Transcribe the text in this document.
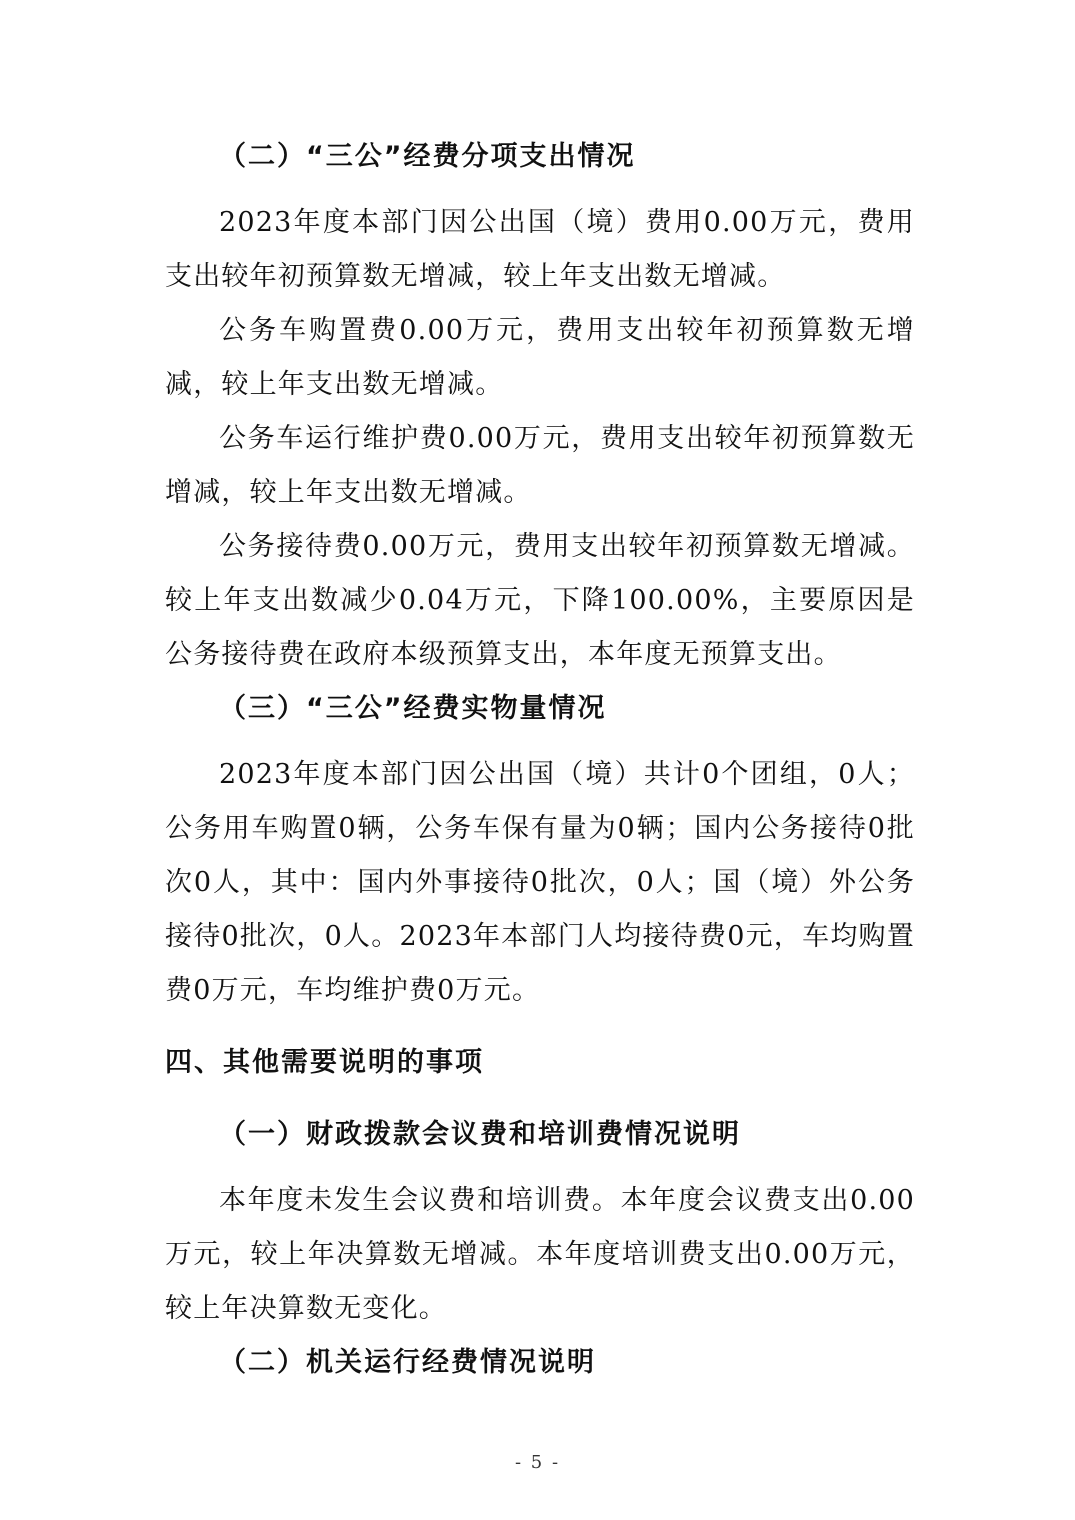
（二）“三公”经费分项支出情况

2023年度本部门因公出国（境）费用0.00万元，费用支出较年初预算数无增减，较上年支出数无增减。

公务车购置费0.00万元，费用支出较年初预算数无增减，较上年支出数无增减。

公务车运行维护费0.00万元，费用支出较年初预算数无增减，较上年支出数无增减。

公务接待费0.00万元，费用支出较年初预算数无增减。较上年支出数减少0.04万元，下降100.00%，主要原因是公务接待费在政府本级预算支出，本年度无预算支出。

（三）“三公”经费实物量情况

2023年度本部门因公出国（境）共计0个团组，0人；公务用车购置0辆，公务车保有量为0辆；国内公务接待0批次0人，其中：国内外事接待0批次，0人；国（境）外公务接待0批次，0人。2023年本部门人均接待费0元，车均购置费0万元，车均维护费0万元。

四、其他需要说明的事项
（一）财政拨款会议费和培训费情况说明

本年度未发生会议费和培训费。本年度会议费支出0.00万元，较上年决算数无增减。本年度培训费支出0.00万元，较上年决算数无变化。

（二）机关运行经费情况说明
- 5 -
